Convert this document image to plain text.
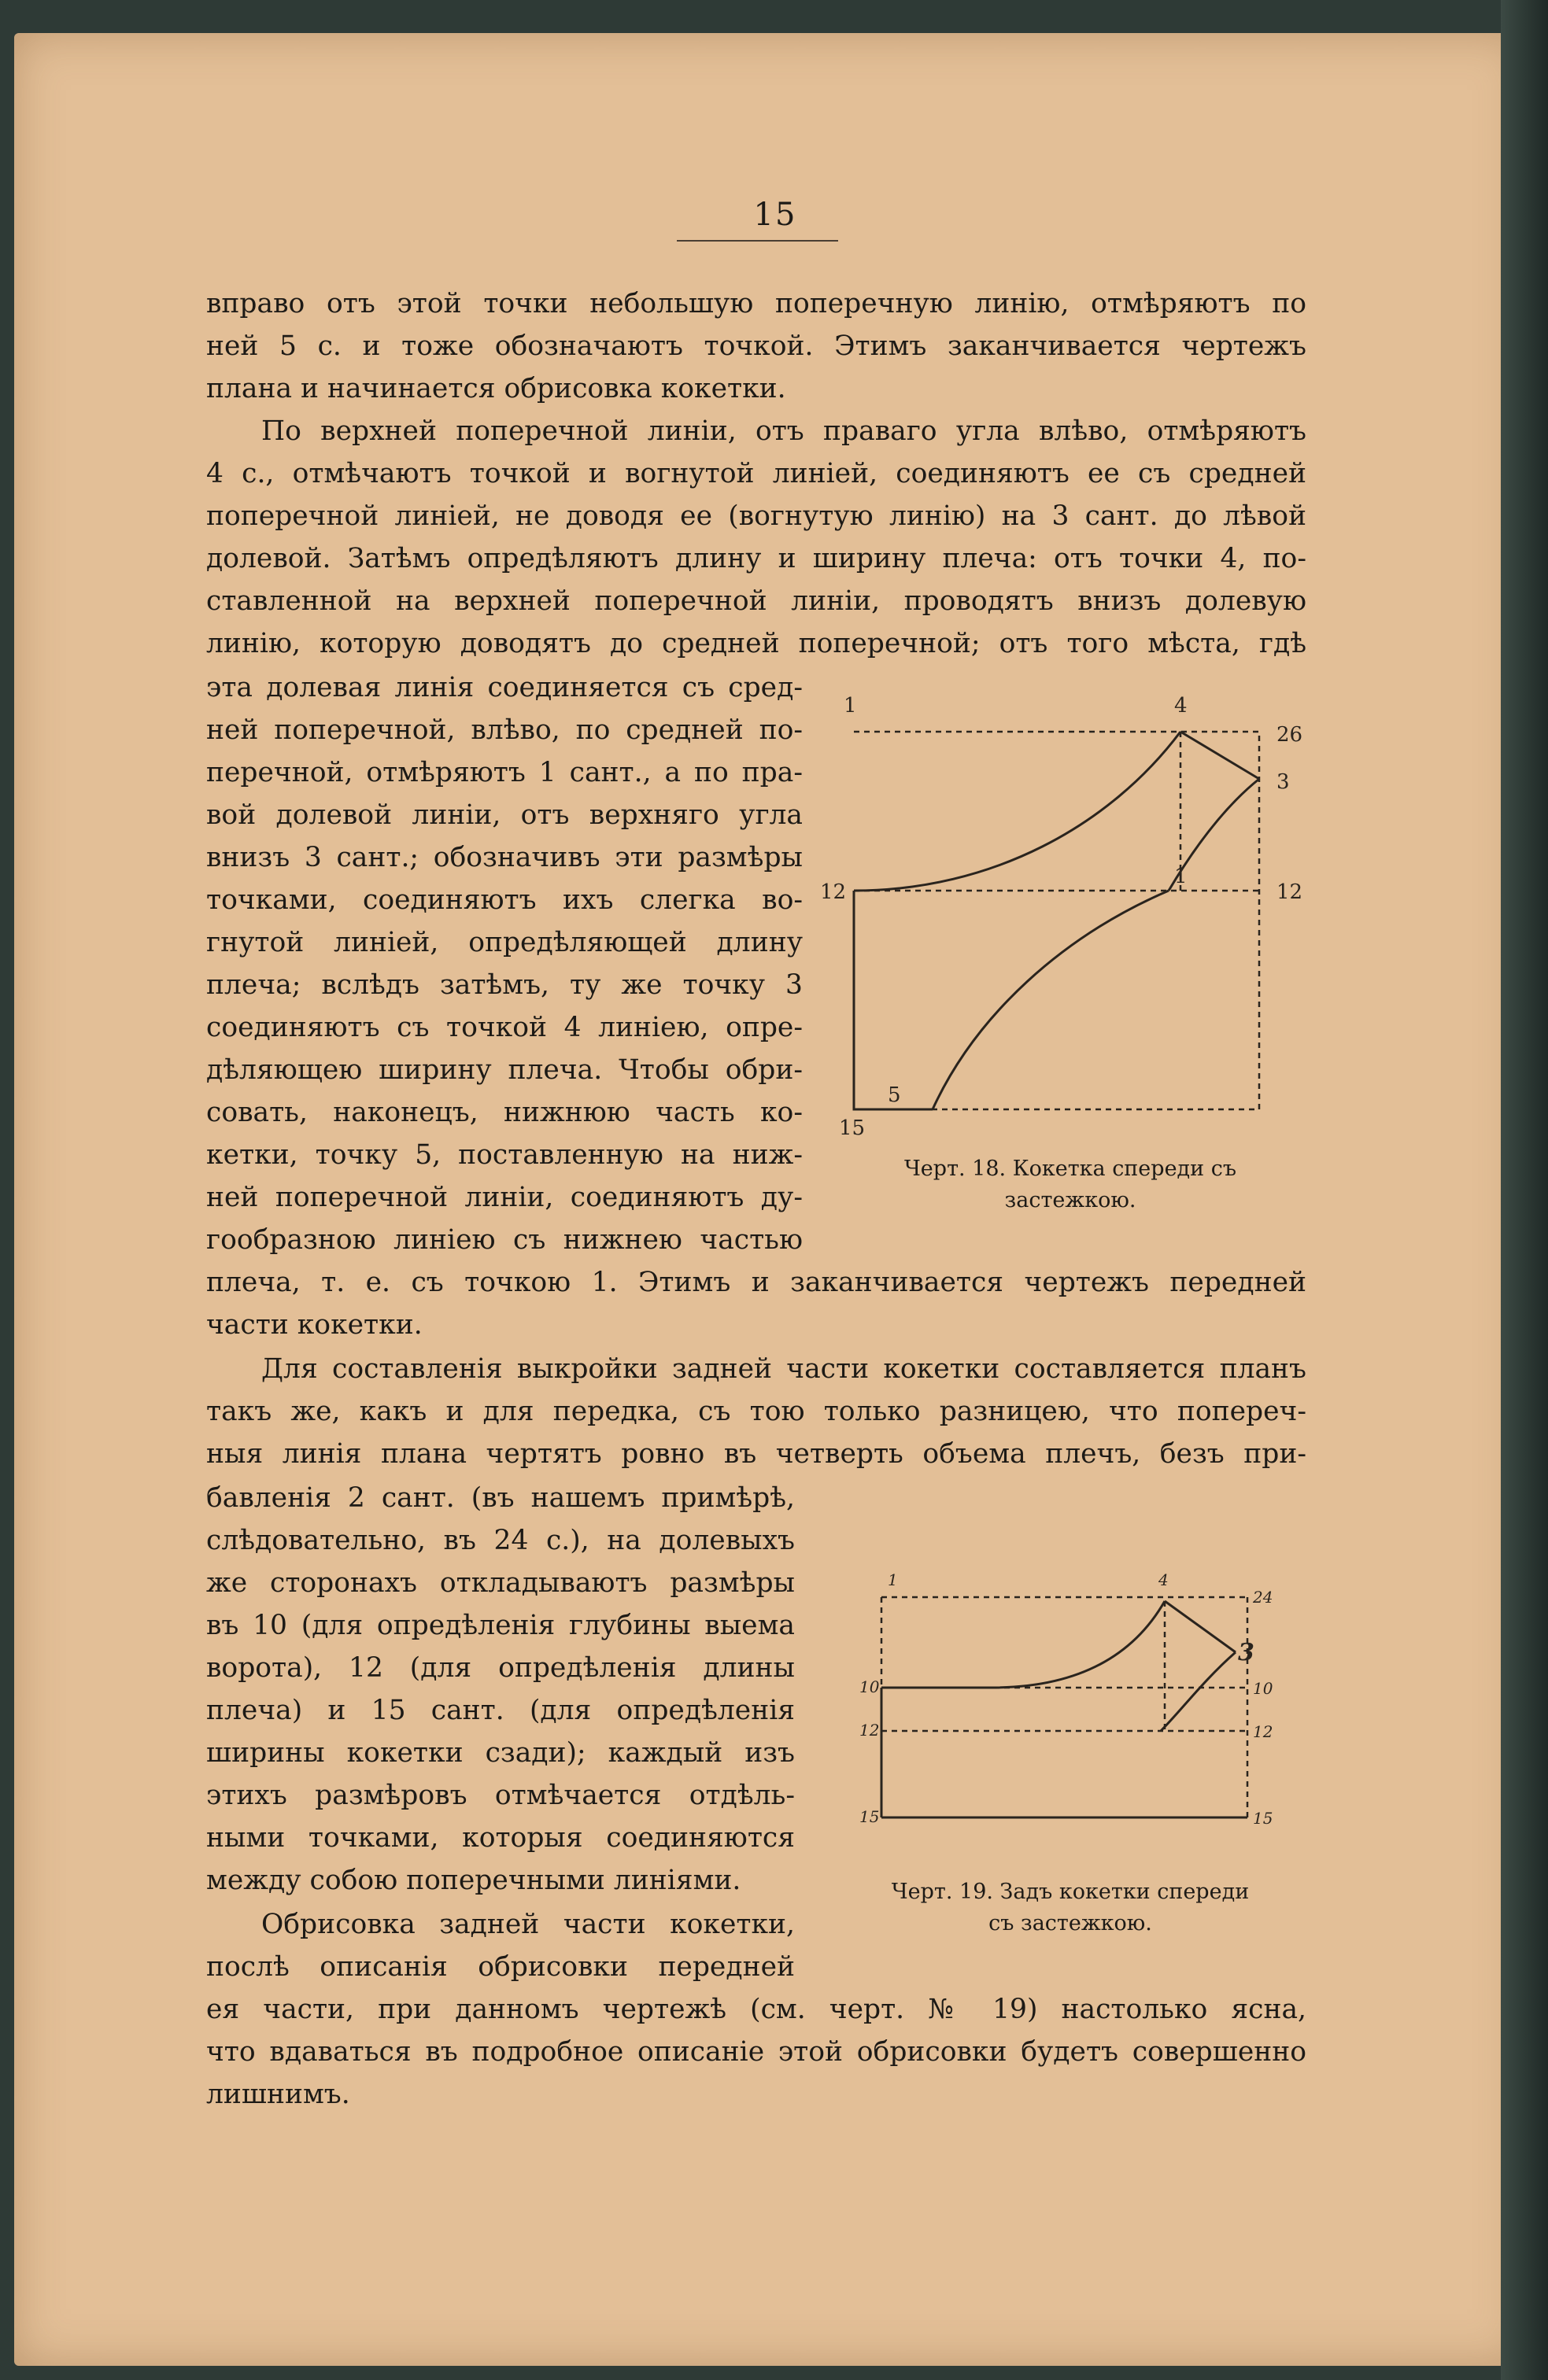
15
вправо отъ этой точки небольшую поперечную линію, отмѣряютъ по
ней 5 с. и тоже обозначаютъ точкой. Этимъ заканчивается чертежъ
плана и начинается обрисовка кокетки.
По верхней поперечной линіи, отъ праваго угла влѣво, отмѣряютъ
4 с., отмѣчаютъ точкой и вогнутой линіей, соединяютъ ее съ средней
поперечной линіей, не доводя ее (вогнутую линію) на 3 сант. до лѣвой
долевой. Затѣмъ опредѣляютъ длину и ширину плеча: отъ точки 4, по-
ставленной на верхней поперечной линіи, проводятъ внизъ долевую
линію, которую доводятъ до средней поперечной; отъ того мѣста, гдѣ
эта долевая линія соединяется съ сред-
ней поперечной, влѣво, по средней по-
перечной, отмѣряютъ 1 сант., а по пра-
вой долевой линіи, отъ верхняго угла
внизъ 3 сант.; обозначивъ эти размѣры
точками, соединяютъ ихъ слегка во-
гнутой линіей, опредѣляющей длину
плеча; вслѣдъ затѣмъ, ту же точку 3
соединяютъ съ точкой 4 линіею, опре-
дѣляющею ширину плеча. Чтобы обри-
совать, наконецъ, нижнюю часть ко-
кетки, точку 5, поставленную на ниж-
ней поперечной линіи, соединяютъ ду-
гообразною линіею съ нижнею частью
плеча, т. е. съ точкою 1. Этимъ и заканчивается чертежъ передней
части кокетки.
Для составленія выкройки задней части кокетки составляется планъ
такъ же, какъ и для передка, съ тою только разницею, что попереч-
ныя линія плана чертятъ ровно въ четверть объема плечъ, безъ при-
бавленія 2 сант. (въ нашемъ примѣрѣ,
слѣдовательно, въ 24 с.), на долевыхъ
же сторонахъ откладываютъ размѣры
въ 10 (для опредѣленія глубины выема
ворота), 12 (для опредѣленія длины
плеча) и 15 сант. (для опредѣленія
ширины кокетки сзади); каждый изъ
этихъ размѣровъ отмѣчается отдѣль-
ными точками, которыя соединяются
между собою поперечными линіями.
Обрисовка задней части кокетки,
послѣ описанія обрисовки передней
ея части, при данномъ чертежѣ (см. черт. № 19) настолько ясна,
что вдаваться въ подробное описаніе этой обрисовки будетъ совершенно
лишнимъ.
1	4
26
3
12	12
5
15
1
Черт. 18. Кокетка спереди съ
застежкою.
1	4
24
3
10	10
12	12
15	15
Черт. 19. Задъ кокетки спереди
съ застежкою.
